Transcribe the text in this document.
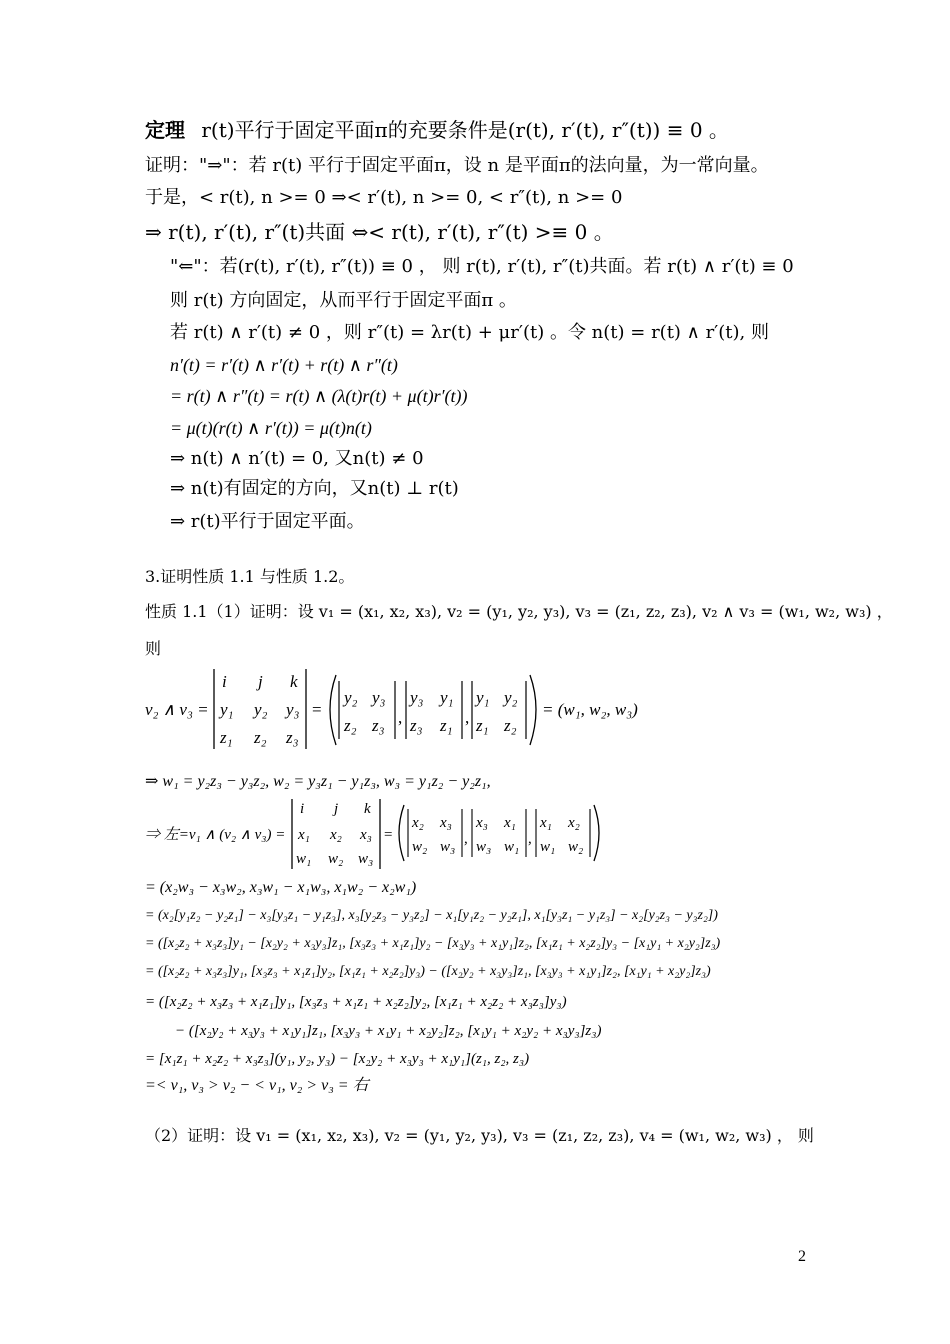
定理 r(t)平行于固定平面π的充要条件是(r(t), r′(t), r″(t)) ≡ 0 。
证明："⇒"：若 r(t) 平行于固定平面π，设 n 是平面π的法向量，为一常向量。
于是，< r(t), n >= 0 ⇒< r′(t), n >= 0, < r″(t), n >= 0
⇒ r(t), r′(t), r″(t)共面 ⇔< r(t), r′(t), r″(t) >≡ 0 。
"⇐"：若(r(t), r′(t), r″(t)) ≡ 0 ， 则 r(t), r′(t), r″(t)共面。若 r(t) ∧ r′(t) ≡ 0
则 r(t) 方向固定，从而平行于固定平面π 。
若 r(t) ∧ r′(t) ≠ 0 ，则 r″(t) = λr(t) + μr′(t) 。令 n(t) = r(t) ∧ r′(t), 则
n′(t) = r′(t) ∧ r′(t) + r(t) ∧ r″(t)
= r(t) ∧ r″(t) = r(t) ∧ (λ(t)r(t) + μ(t)r′(t))
= μ(t)(r(t) ∧ r′(t)) = μ(t)n(t)
⇒ n(t) ∧ n′(t) = 0, 又n(t) ≠ 0
⇒ n(t)有固定的方向，又n(t) ⊥ r(t)
⇒ r(t)平行于固定平面。
3.证明性质 1.1 与性质 1.2。
性质 1.1（1）证明：设 v₁ = (x₁, x₂, x₃), v₂ = (y₁, y₂, y₃), v₃ = (z₁, z₂, z₃), v₂ ∧ v₃ = (w₁, w₂, w₃) ，
则
v₂ ∧ v₃ =
i j k
y₁ y₂ y₃
z₁ z₂ z₃
=
y₂ y₃
z₂ z₃ ,
y₃ y₁
z₃ z₁ ,
y₁ y₂
z₁ z₂
= (w₁, w₂, w₃)
⇒ w₁ = y₂z₃ − y₃z₂, w₂ = y₃z₁ − y₁z₃, w₃ = y₁z₂ − y₂z₁,
⇒ 左=v₁ ∧ (v₂ ∧ v₃) =
i j k
x₁ x₂ x₃
w₁ w₂ w₃
=
x₂ x₃
w₂ w₃ ,
x₃ x₁
w₃ w₁ ,
x₁ x₂
w₁ w₂
= (x₂w₃ − x₃w₂, x₃w₁ − x₁w₃, x₁w₂ − x₂w₁)
= (x₂[y₁z₂ − y₂z₁] − x₃[y₃z₁ − y₁z₃], x₃[y₂z₃ − y₃z₂] − x₁[y₁z₂ − y₂z₁], x₁[y₃z₁ − y₁z₃] − x₂[y₂z₃ − y₃z₂])
= ([x₂z₂ + x₃z₃]y₁ − [x₂y₂ + x₃y₃]z₁, [x₃z₃ + x₁z₁]y₂ − [x₃y₃ + x₁y₁]z₂, [x₁z₁ + x₂z₂]y₃ − [x₁y₁ + x₂y₂]z₃)
= ([x₂z₂ + x₃z₃]y₁, [x₃z₃ + x₁z₁]y₂, [x₁z₁ + x₂z₂]y₃) − ([x₂y₂ + x₃y₃]z₁, [x₃y₃ + x₁y₁]z₂, [x₁y₁ + x₂y₂]z₃)
= ([x₂z₂ + x₃z₃ + x₁z₁]y₁, [x₃z₃ + x₁z₁ + x₂z₂]y₂, [x₁z₁ + x₂z₂ + x₃z₃]y₃)
− ([x₂y₂ + x₃y₃ + x₁y₁]z₁, [x₃y₃ + x₁y₁ + x₂y₂]z₂, [x₁y₁ + x₂y₂ + x₃y₃]z₃)
= [x₁z₁ + x₂z₂ + x₃z₃](y₁, y₂, y₃) − [x₂y₂ + x₃y₃ + x₁y₁](z₁, z₂, z₃)
=< v₁, v₃ > v₂ − < v₁, v₂ > v₃ = 右
（2）证明：设 v₁ = (x₁, x₂, x₃), v₂ = (y₁, y₂, y₃), v₃ = (z₁, z₂, z₃), v₄ = (w₁, w₂, w₃) ， 则
2
